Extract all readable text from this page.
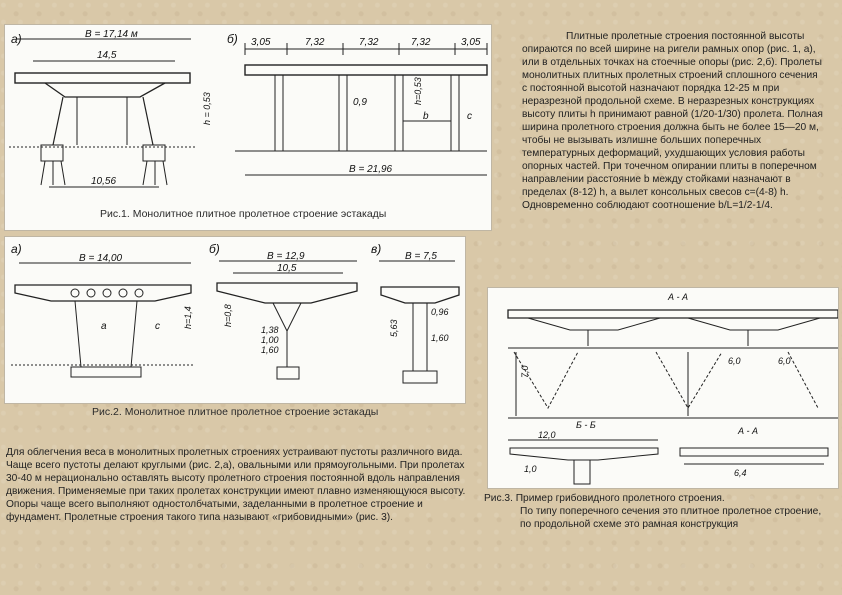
а)	В = 17,14 м
14,5
10,56
h = 0,53
б) 3,05	7,32	7,32	7,32	3,05
b	c
0,9	h=0,53
В = 21,96
Рис.1. Монолитное плитное пролетное строение эстакады
а)
В = 14,00
а	с	h=1,4
б)
В = 12,9
10,5
h=0,8
1,38
1,00
1,60
в)
В = 7,5
0,96
1,60
5,63
Рис.2. Монолитное плитное пролетное строение эстакады

Для облегчения веса в монолитных пролетных строениях устраивают пустоты различного вида. Чаще всего пустоты делают круглыми (рис. 2,а), овальными или прямоугольными. При пролетах 30-40 м нерационально оставлять высоту пролетного строения постоянной вдоль направления движения. Применяемые при таких пролетах конструкции имеют плавно изменяющуюся высоту. Опоры чаще всего выполняют одностолбчатыми, заделанными в пролетное строение и фундамент. Пролетные строения такого типа называют «грибовидными» (рис. 3).

Плитные пролетные строения постоянной высоты опираются по всей ширине на ригели рамных опор (рис. 1, а), или в отдельных точках на стоечные опоры (рис. 2,б). Пролеты монолитных плитных пролетных строений сплошного сечения с постоянной высотой назначают порядка 12-25 м при неразрезной продольной схеме. В неразрезных конструкциях высоту плиты h принимают равной (1/20-1/30) пролета. Полная ширина пролетного строения должна быть не более 15—20 м, чтобы не вызывать излишне больших поперечных температурных деформаций, ухудшающих условия работы опорных частей. При точечном опирании плиты в поперечном направлении расстояние b между стойками назначают в пределах (8-12) h, а вылет консольных свесов c=(4-8) h. Одновременно соблюдают соотношение b/L=1/2-1/4.

А - А
7,0
6,0	6,0
Б - Б
А - А
12,0
6,4
1,0

Рис.3. Пример грибовидного пролетного строения.

По типу поперечного сечения это плитное пролетное строение, по продольной схеме это рамная конструкция
